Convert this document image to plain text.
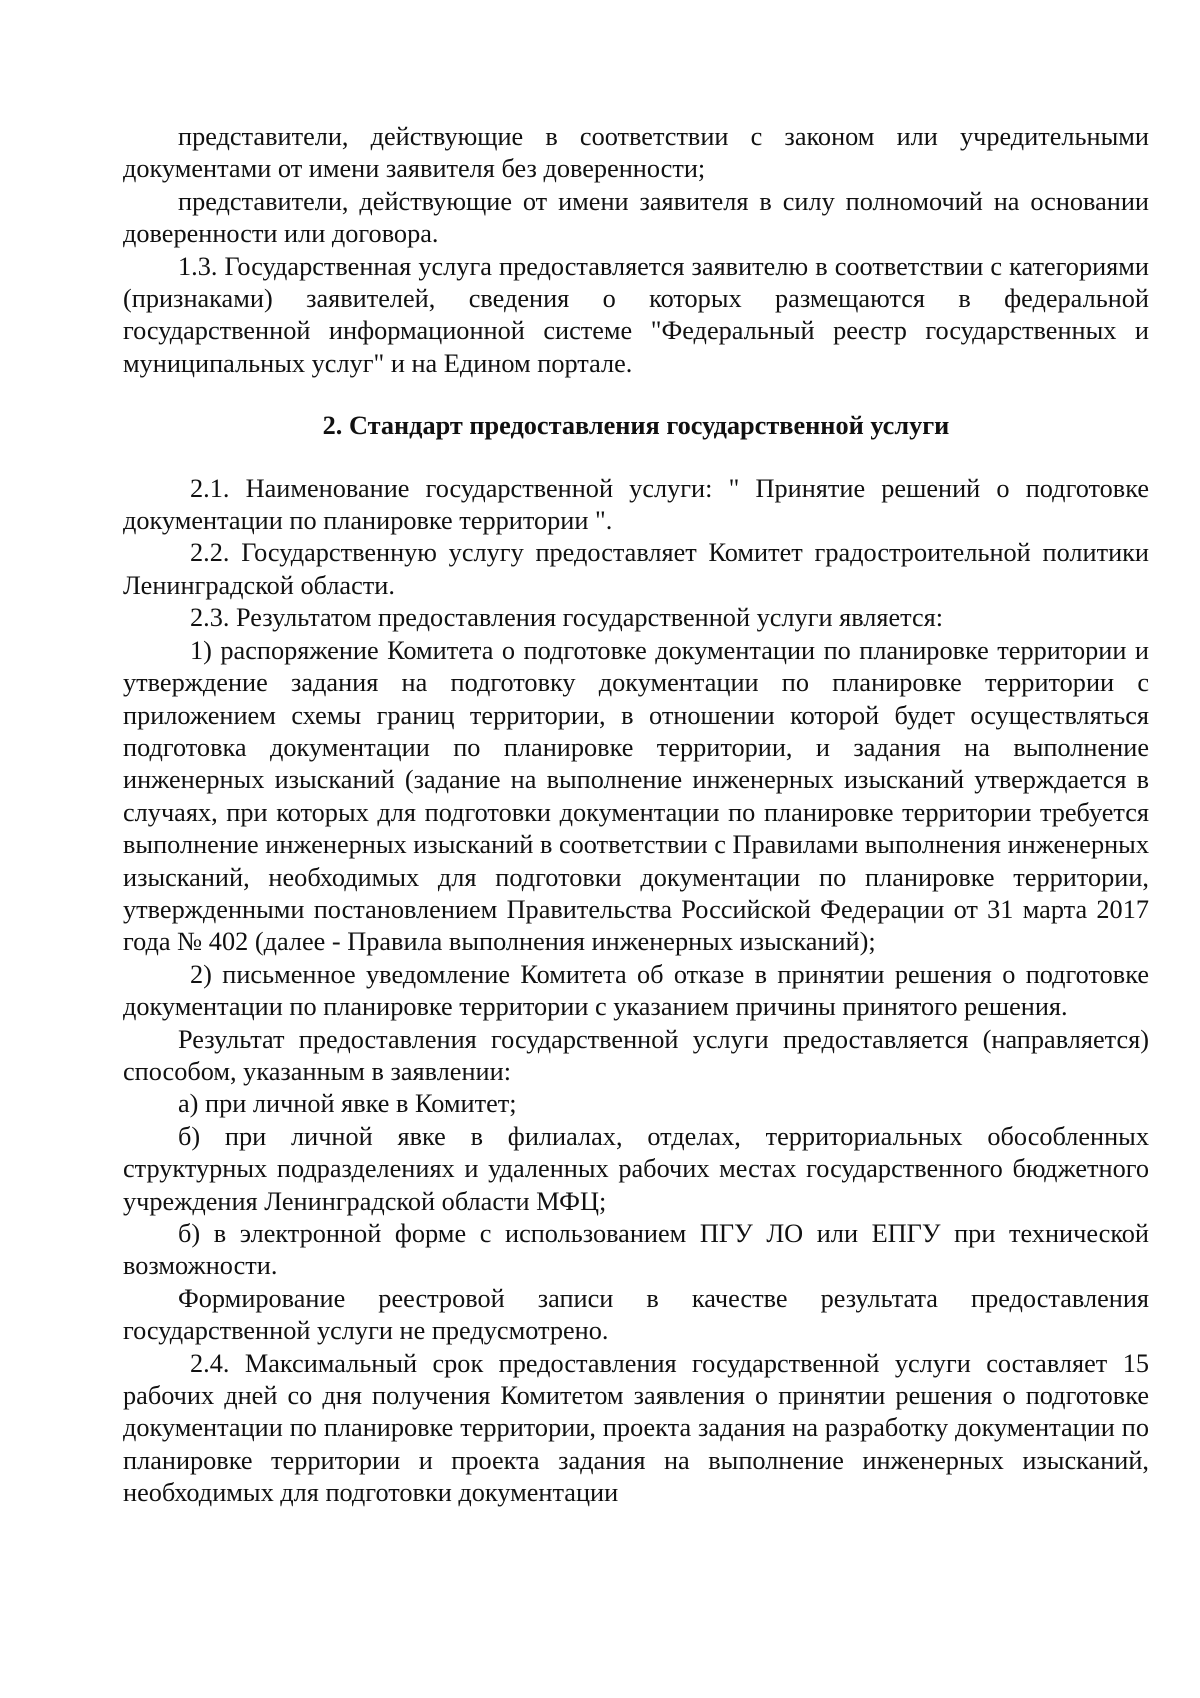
представители, действующие в соответствии с законом или учредительными документами от имени заявителя без доверенности;

представители, действующие от имени заявителя в силу полномочий на основании доверенности или договора.

1.3. Государственная услуга предоставляется заявителю в соответствии с категориями (признаками) заявителей, сведения о которых размещаются в федеральной государственной информационной системе "Федеральный реестр государственных и муниципальных услуг" и на Едином портале.

2. Стандарт предоставления государственной услуги

2.1. Наименование государственной услуги: " Принятие решений о подготовке документации по планировке территории ".

2.2. Государственную услугу предоставляет Комитет градостроительной политики Ленинградской области.

2.3. Результатом предоставления государственной услуги является:

1) распоряжение Комитета о подготовке документации по планировке территории и утверждение задания на подготовку документации по планировке территории с приложением схемы границ территории, в отношении которой будет осуществляться подготовка документации по планировке территории, и задания на выполнение инженерных изысканий (задание на выполнение инженерных изысканий утверждается в случаях, при которых для подготовки документации по планировке территории требуется выполнение инженерных изысканий в соответствии с Правилами выполнения инженерных изысканий, необходимых для подготовки документации по планировке территории, утвержденными постановлением Правительства Российской Федерации от 31 марта 2017 года № 402 (далее - Правила выполнения инженерных изысканий);

2) письменное уведомление Комитета об отказе в принятии решения о подготовке документации по планировке территории с указанием причины принятого решения.

Результат предоставления государственной услуги предоставляется (направляется) способом, указанным в заявлении:

а) при личной явке в Комитет;

б) при личной явке в филиалах, отделах, территориальных обособленных структурных подразделениях и удаленных рабочих местах государственного бюджетного учреждения Ленинградской области МФЦ;

б) в электронной форме с использованием ПГУ ЛО или ЕПГУ при технической возможности.

Формирование реестровой записи в качестве результата предоставления государственной услуги не предусмотрено.

2.4. Максимальный срок предоставления государственной услуги составляет 15 рабочих дней со дня получения Комитетом заявления о принятии решения о подготовке документации по планировке территории, проекта задания на разработку документации по планировке территории и проекта задания на выполнение инженерных изысканий, необходимых для подготовки документации
